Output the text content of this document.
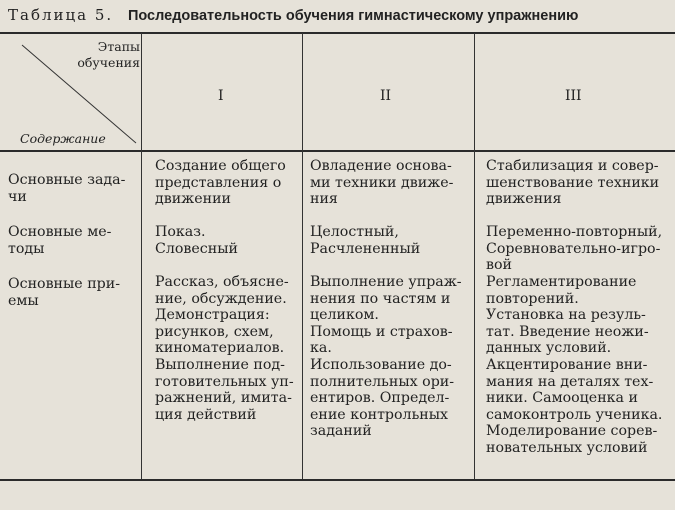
Таблица 5. Последовательность обучения гимнастическому упражнению
Этапы
обучения
Содержание
I	II	III
Основные зада-
чи
Создание общего
представления о
движении
Овладение основа-
ми техники движе-
ния
Стабилизация и совер-
шенствование техники
движения
Основные ме-
тоды
Показ.
Словесный
Целостный,
Расчлененный
Переменно-повторный,
Соревновательно-игро-
вой
Основные при-
емы
Рассказ, объясне-
ние, обсуждение.
Демонстрация:
рисунков, схем,
киноматериалов.
Выполнение под-
готовительных уп-
ражнений, имита-
ция действий
Выполнение упраж-
нения по частям и
целиком.
Помощь и страхов-
ка.
Использование до-
полнительных ори-
ентиров. Определ-
ение контрольных
заданий
Регламентирование
повторений.
Установка на резуль-
тат. Введение неожи-
данных условий.
Акцентирование вни-
мания на деталях тех-
ники. Самооценка и
самоконтроль ученика.
Моделирование сорев-
новательных условий
